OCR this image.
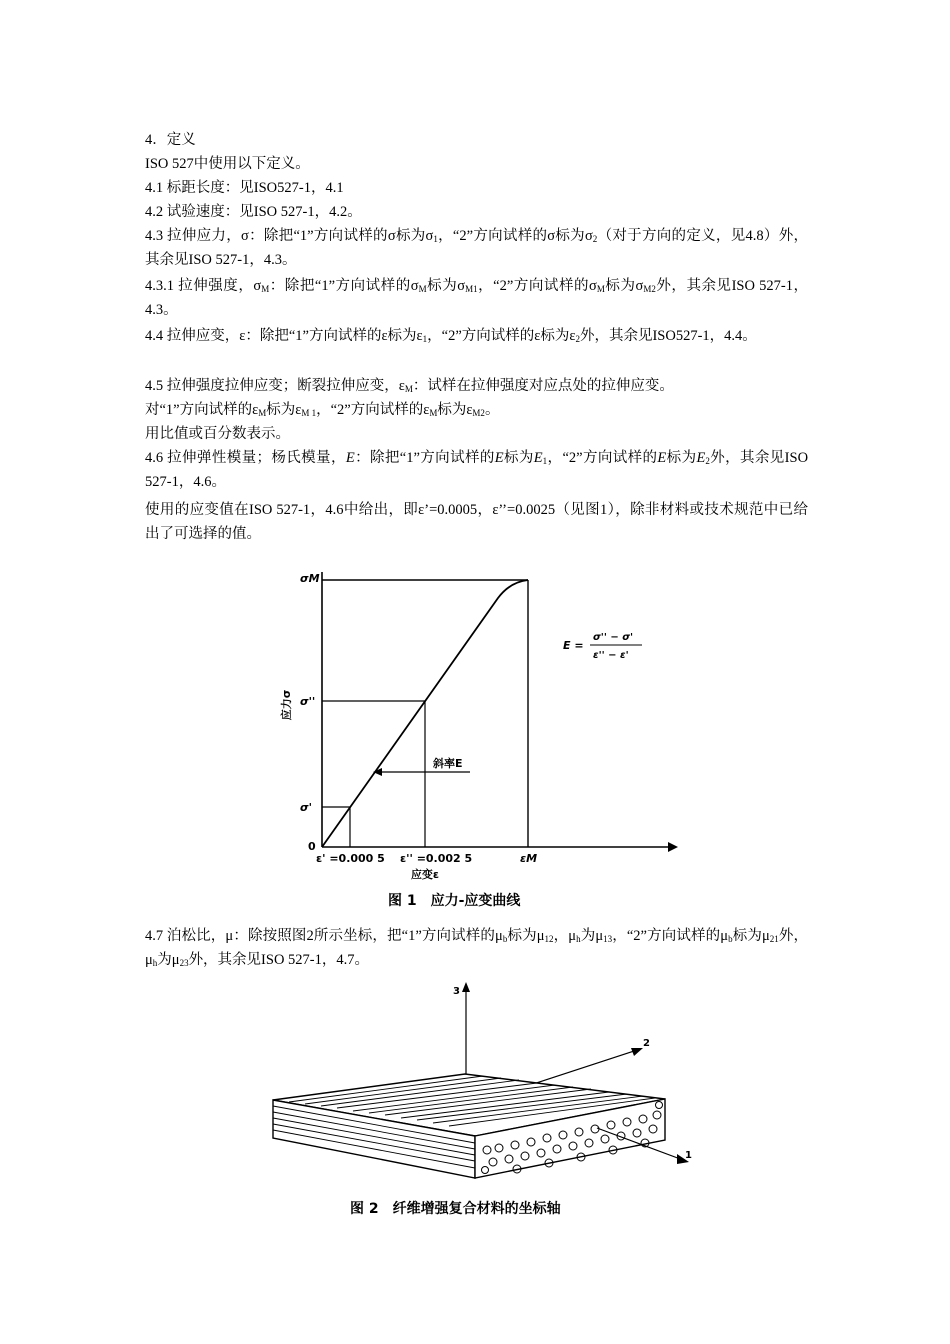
4．定义
ISO 527中使用以下定义。
4.1 标距长度：见ISO527-1，4.1
4.2 试验速度：见ISO 527-1，4.2。
4.3 拉伸应力，σ：除把“1”方向试样的σ标为$\sigma_1$，“2”方向试样的σ标为$\sigma_2$（对于方向的定义，见4.8）外，其余见ISO 527-1，4.3。
4.3.1 拉伸强度，$\sigma_M$：除把“1”方向试样的$\sigma_M$标为$\sigma_{M1}$，“2”方向试样的$\sigma_M$标为$\sigma_{M2}$外，其余见ISO 527-1，4.3。
4.4 拉伸应变，ε：除把“1”方向试样的ε标为$\varepsilon_1$，“2”方向试样的ε标为$\varepsilon_2$外，其余见ISO527-1，4.4。
4.5 拉伸强度拉伸应变；断裂拉伸应变，$\varepsilon_M$：试样在拉伸强度对应点处的拉伸应变。
对“1”方向试样的$\varepsilon_M$标为$\varepsilon_{M 1}$，“2”方向试样的$\varepsilon_M$标为$\varepsilon_{M2}$。
用比值或百分数表示。
4.6 拉伸弹性模量；杨氏模量，E：除把“1”方向试样的E标为$E_1$，“2”方向试样的E标为$E_2$外，其余见ISO 527-1，4.6。
使用的应变值在ISO 527-1，4.6中给出，即ε’=0.0005，ε’’=0.0025（见图1），除非材料或技术规范中已给出了可选择的值。
斜率E
σM
σ''
σ'
0
应力σ
ε' =0.000 5 ε'' =0.002 5	εM
应变ε
E =
σ'' − σ'
ε'' − ε'
图 1　应力-应变曲线
4.7 泊松比，μ：除按照图2所示坐标，把“1”方向试样的$\mu_b$标为$\mu_{12}$，$\mu_h$为$\mu_{13}$，“2”方向试样的$\mu_b$标为$\mu_{21}$外，$\mu_h$为$\mu_{23}$外，其余见ISO 527-1，4.7。
3
2
1
图 2　纤维增强复合材料的坐标轴
